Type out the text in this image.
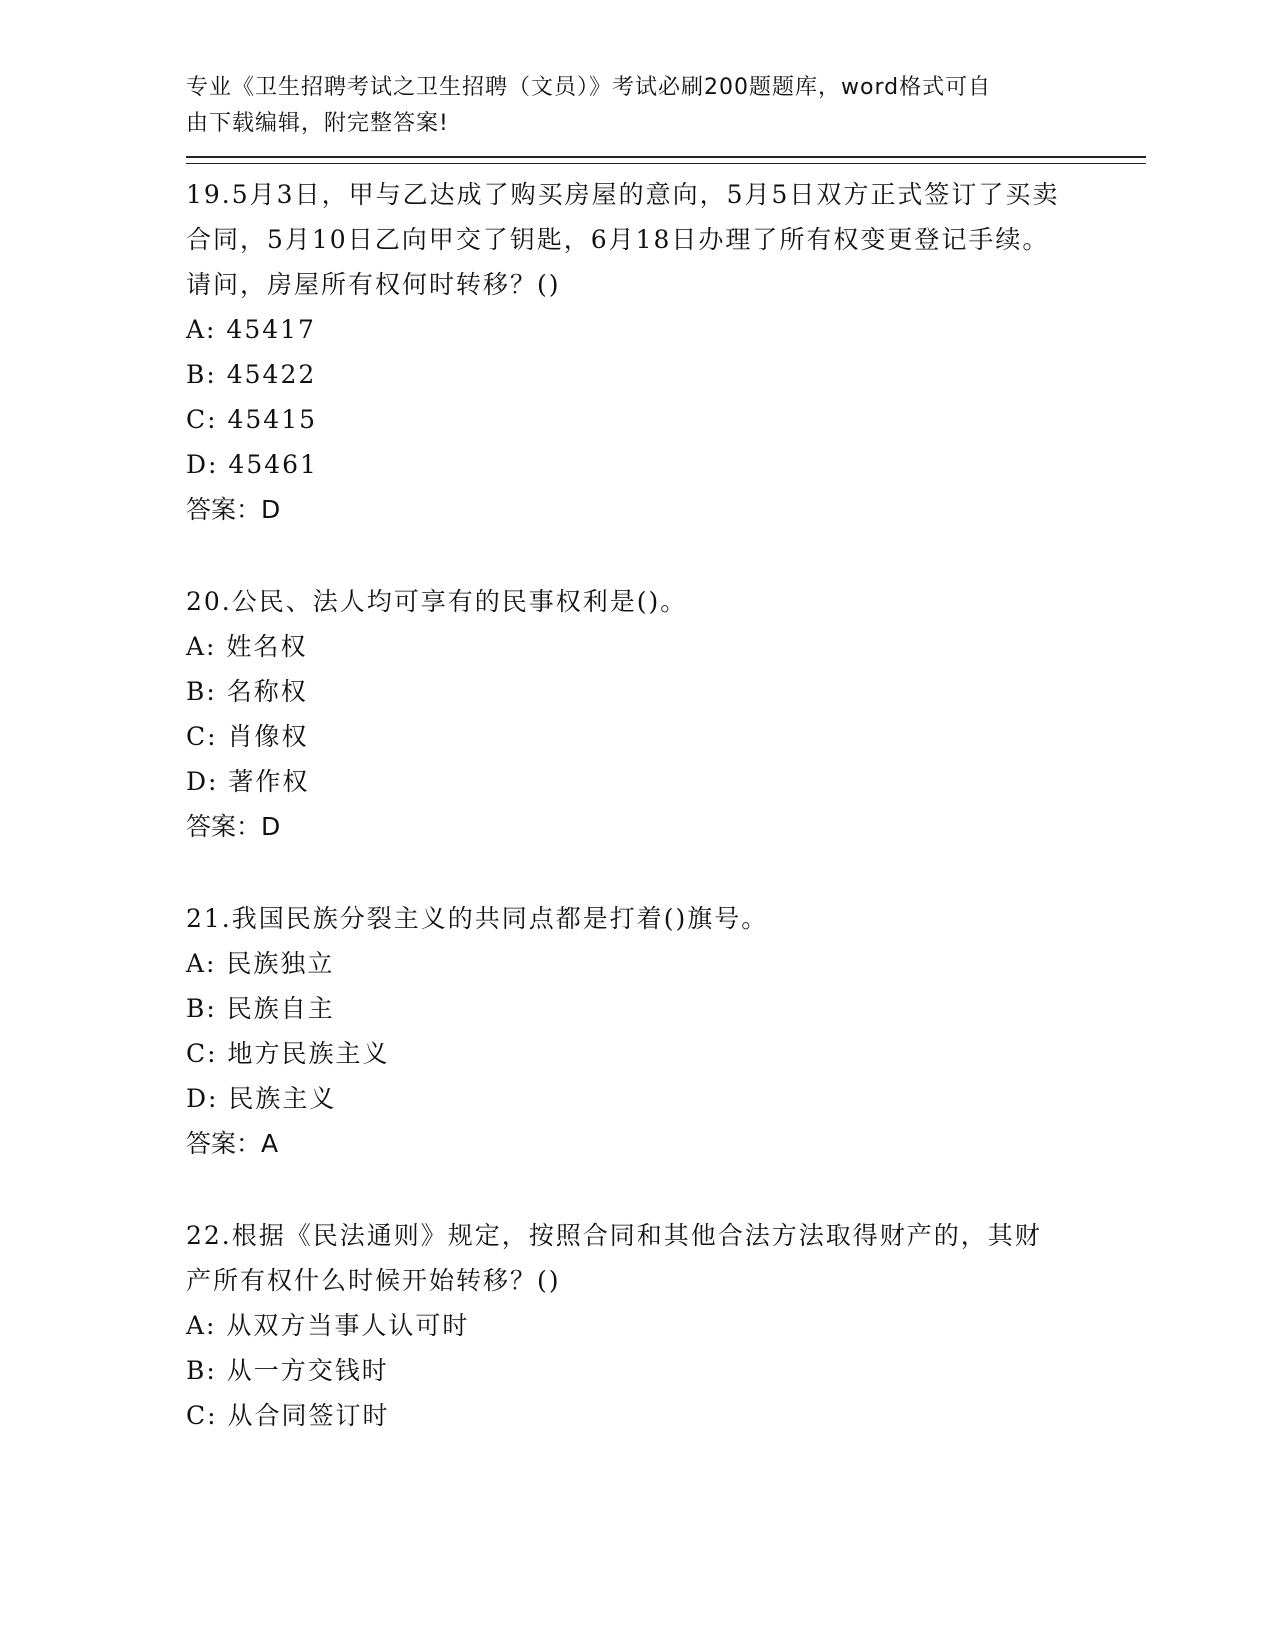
专业《卫生招聘考试之卫生招聘（文员）》考试必刷200题题库，word格式可自
由下载编辑，附完整答案!

19.5月3日，甲与乙达成了购买房屋的意向，5月5日双方正式签订了买卖合同，5月10日乙向甲交了钥匙，6月18日办理了所有权变更登记手续。请问，房屋所有权何时转移？()

A: 45417

B: 45422

C: 45415

D: 45461

答案：D

20.公民、法人均可享有的民事权利是()。

A: 姓名权

B: 名称权

C: 肖像权

D: 著作权

答案：D

21.我国民族分裂主义的共同点都是打着()旗号。

A: 民族独立

B: 民族自主

C: 地方民族主义

D: 民族主义

答案：A

22.根据《民法通则》规定，按照合同和其他合法方法取得财产的，其财产所有权什么时候开始转移？()

A: 从双方当事人认可时

B: 从一方交钱时

C: 从合同签订时
